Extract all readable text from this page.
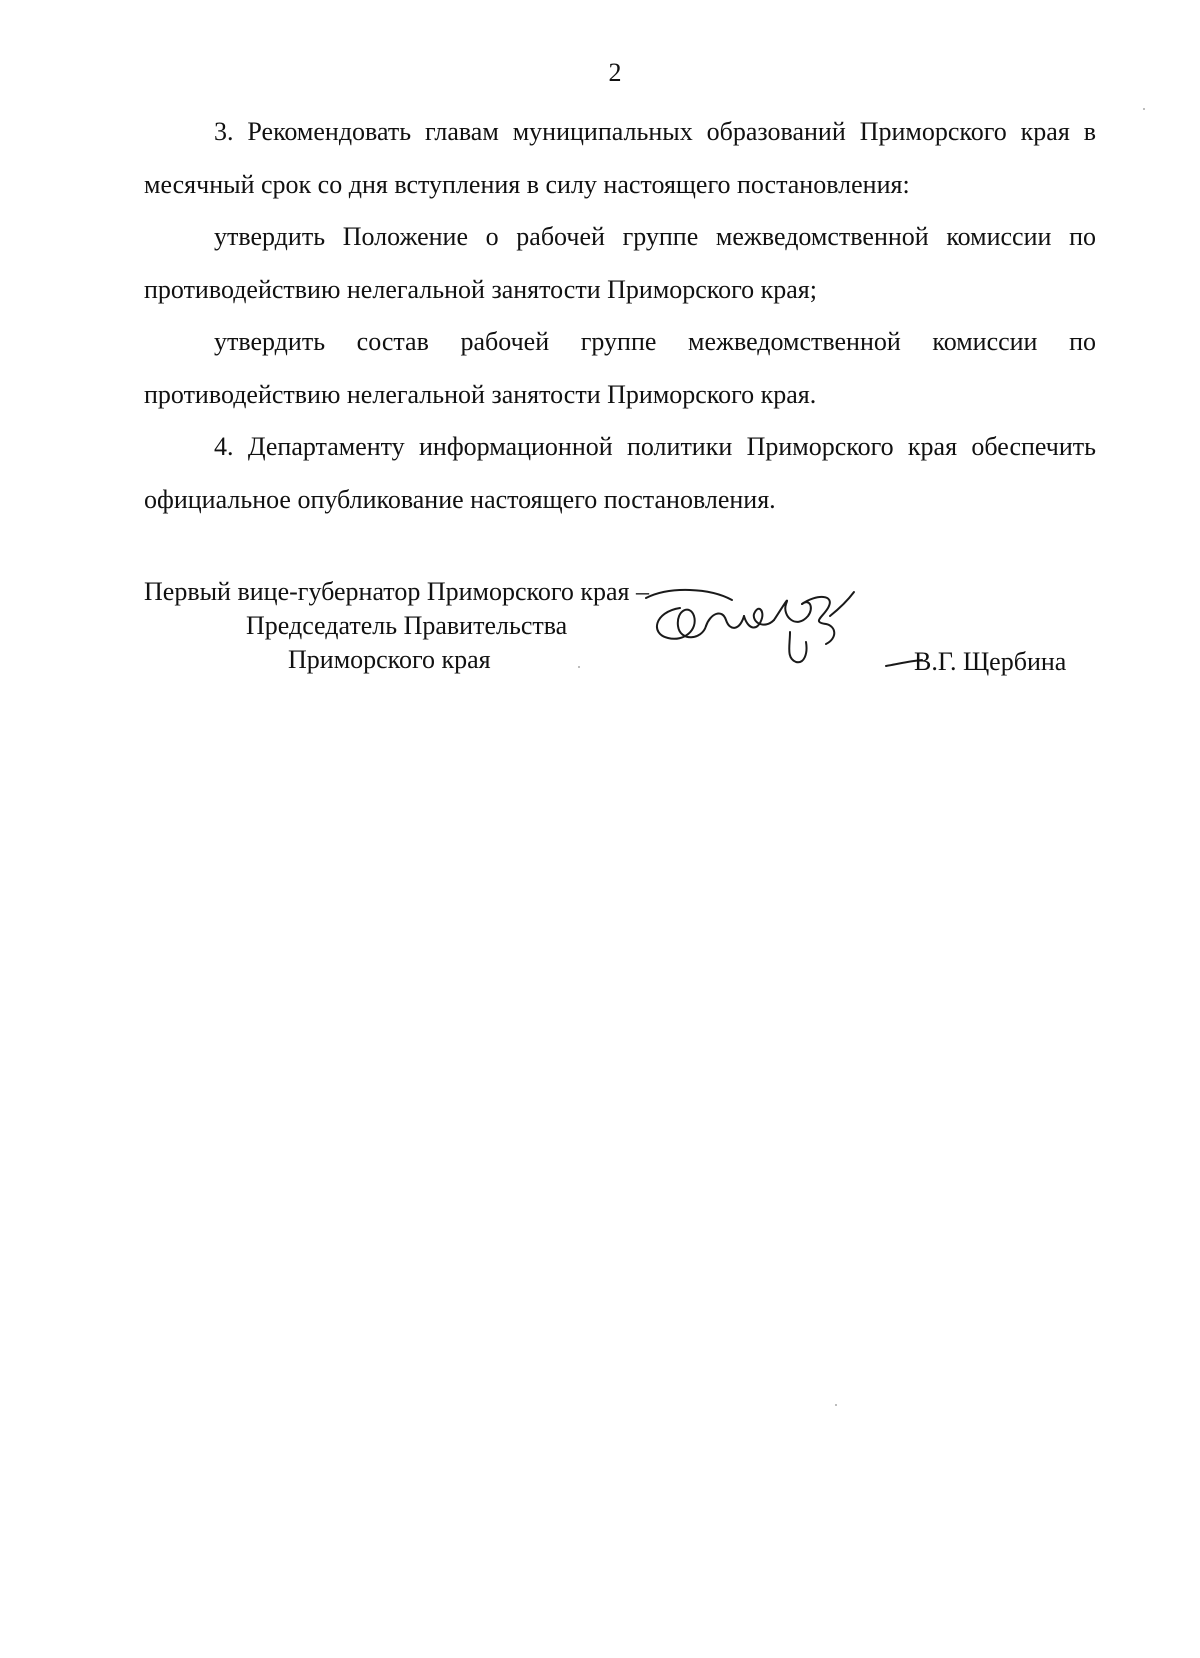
2

3. Рекомендовать главам муниципальных образований Приморского края в месячный срок со дня вступления в силу настоящего постановления:

утвердить Положение о рабочей группе межведомственной комиссии по противодействию нелегальной занятости Приморского края;

утвердить состав рабочей группе межведомственной комиссии по противодействию нелегальной занятости Приморского края.

4. Департаменту информационной политики Приморского края обеспечить официальное опубликование настоящего постановления.

Первый вице-губернатор Приморского края –
Председатель Правительства
Приморского края	В.Г. Щербина
